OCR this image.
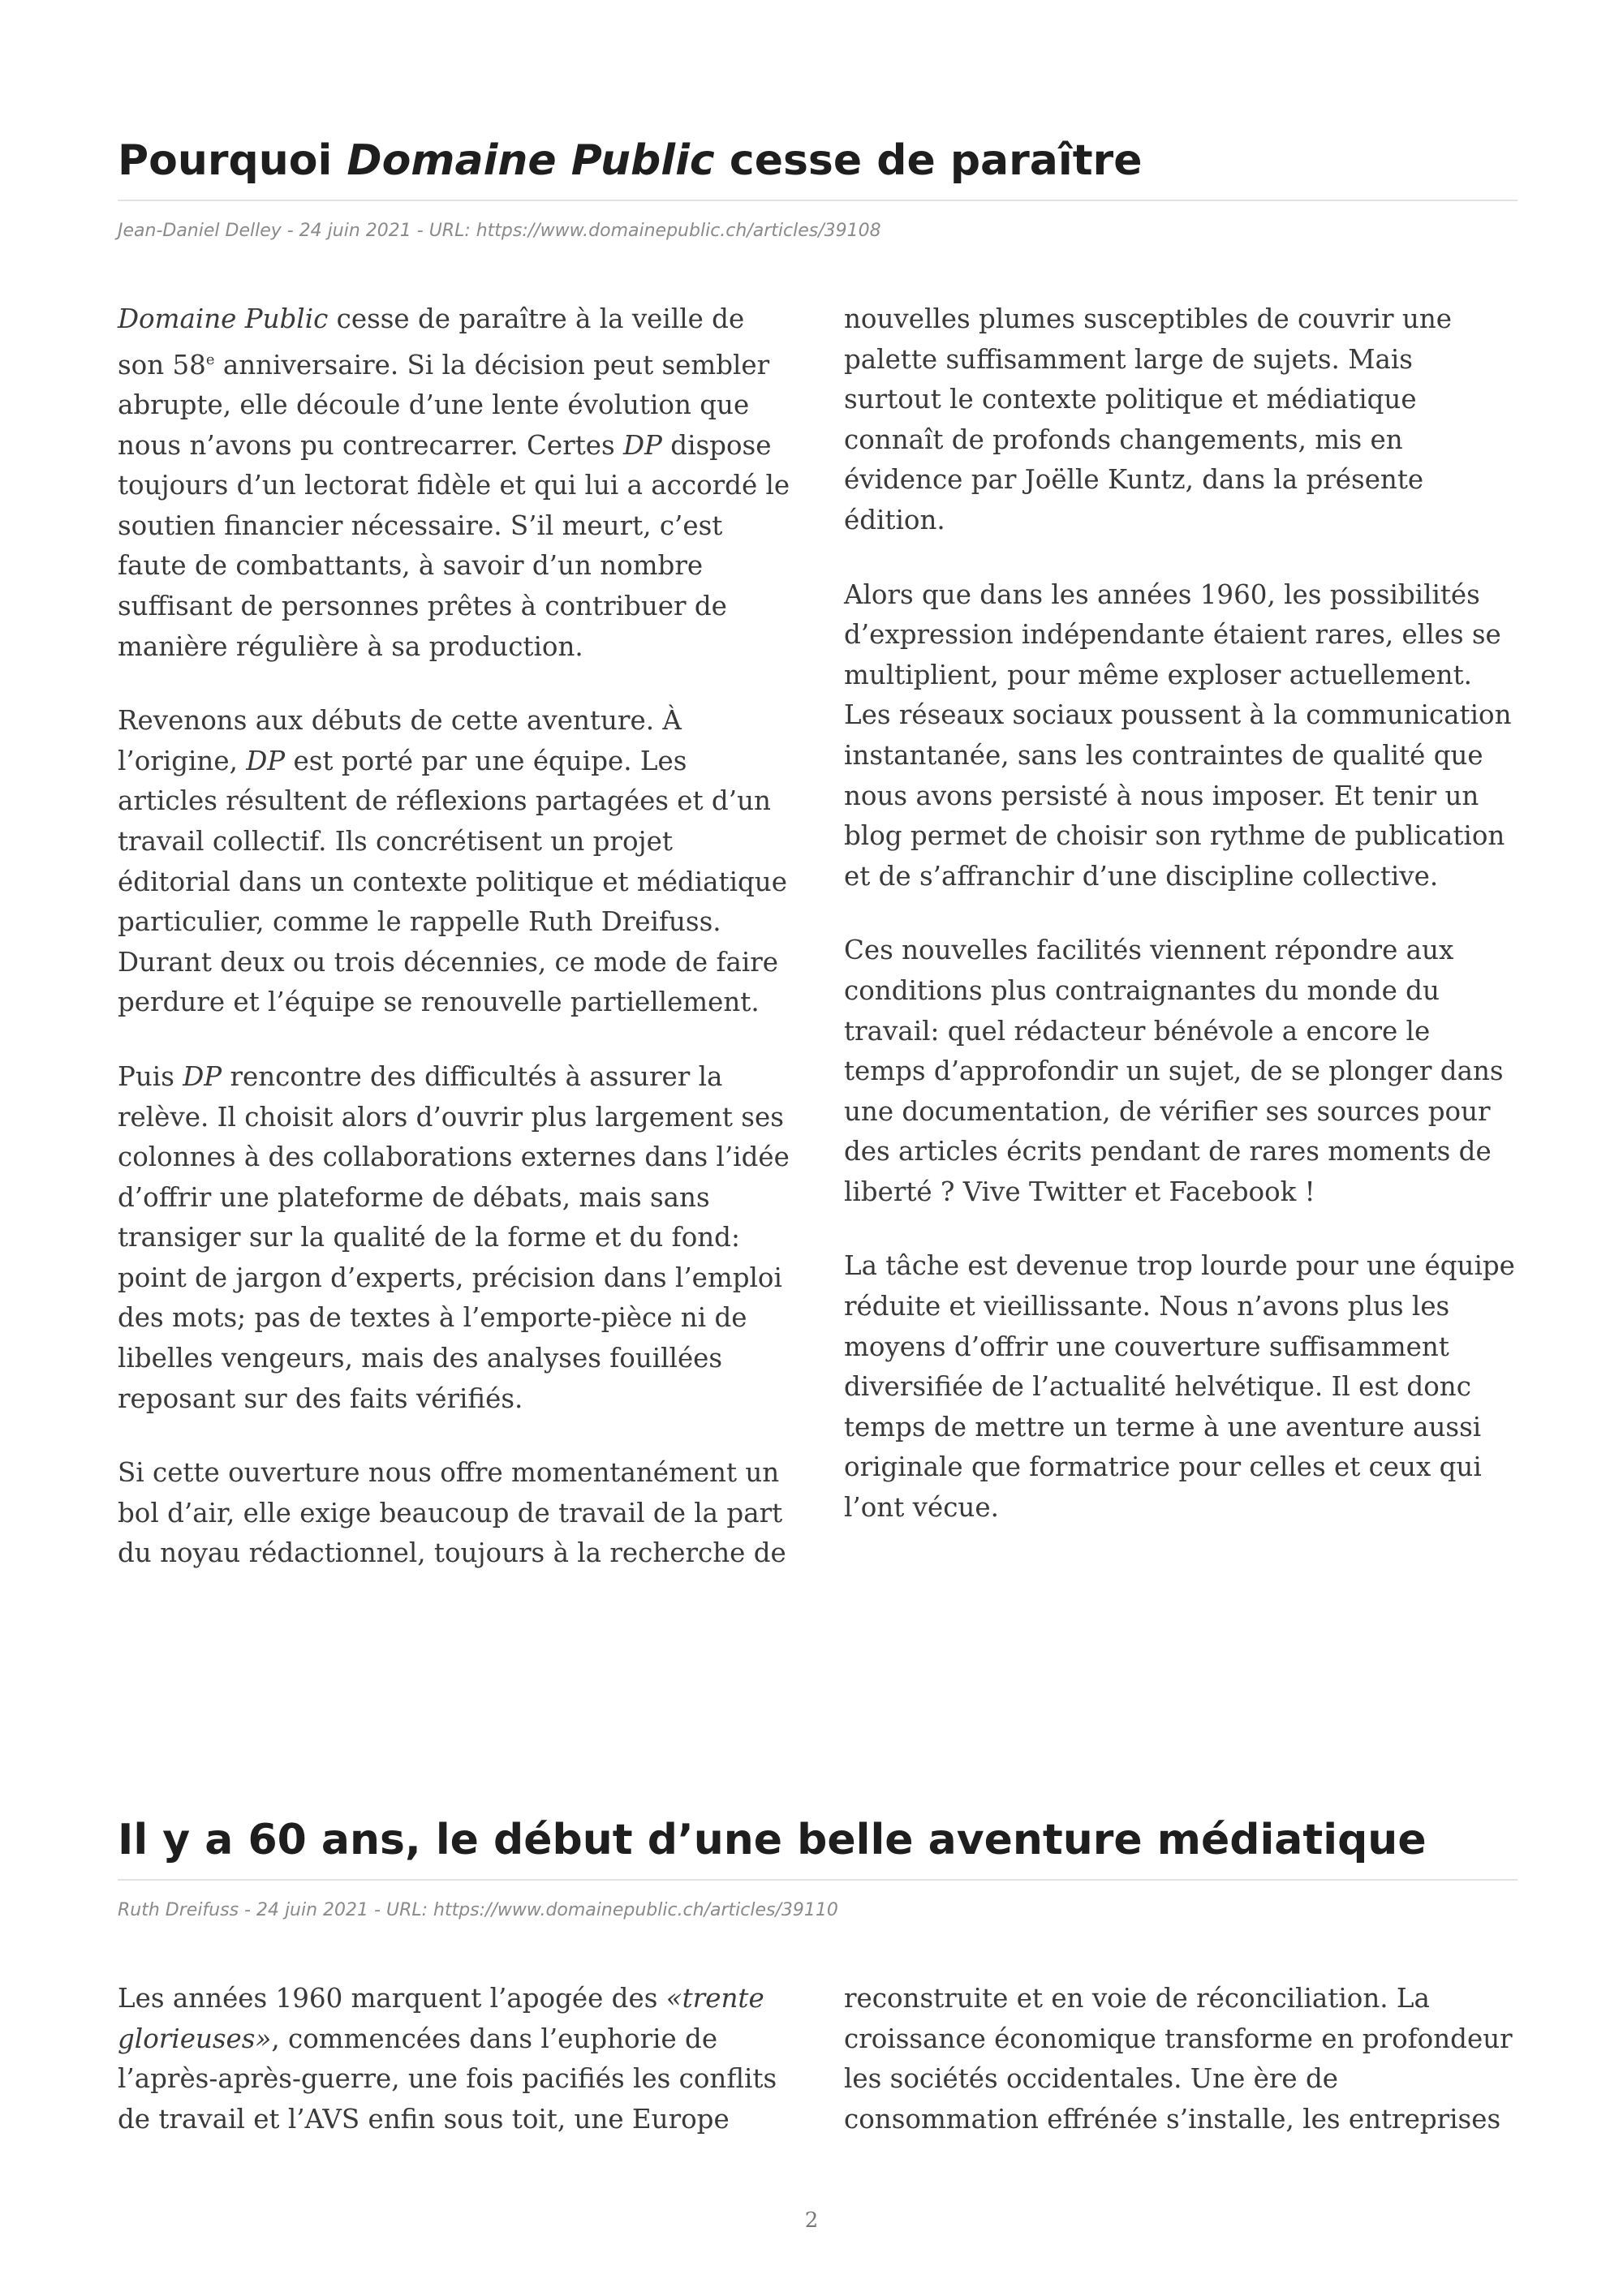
Pourquoi Domaine Public cesse de paraître
Jean-Daniel Delley - 24 juin 2021 - URL: https://www.domainepublic.ch/articles/39108

Domaine Public cesse de paraître à la veille de son 58e anniversaire. Si la décision peut sembler abrupte, elle découle d’une lente évolution que nous n’avons pu contrecarrer. Certes DP dispose toujours d’un lectorat fidèle et qui lui a accordé le soutien financier nécessaire. S’il meurt, c’est faute de combattants, à savoir d’un nombre suffisant de personnes prêtes à contribuer de manière régulière à sa production.

Revenons aux débuts de cette aventure. À l’origine, DP est porté par une équipe. Les articles résultent de réflexions partagées et d’un travail collectif. Ils concrétisent un projet éditorial dans un contexte politique et médiatique particulier, comme le rappelle Ruth Dreifuss. Durant deux ou trois décennies, ce mode de faire perdure et l’équipe se renouvelle partiellement.

Puis DP rencontre des difficultés à assurer la relève. Il choisit alors d’ouvrir plus largement ses colonnes à des collaborations externes dans l’idée d’offrir une plateforme de débats, mais sans transiger sur la qualité de la forme et du fond: point de jargon d’experts, précision dans l’emploi des mots; pas de textes à l’emporte-pièce ni de libelles vengeurs, mais des analyses fouillées reposant sur des faits vérifiés.

Si cette ouverture nous offre momentanément un bol d’air, elle exige beaucoup de travail de la part du noyau rédactionnel, toujours à la recherche de nouvelles plumes susceptibles de couvrir une palette suffisamment large de sujets. Mais surtout le contexte politique et médiatique connaît de profonds changements, mis en évidence par Joëlle Kuntz, dans la présente édition.

Alors que dans les années 1960, les possibilités d’expression indépendante étaient rares, elles se multiplient, pour même exploser actuellement. Les réseaux sociaux poussent à la communication instantanée, sans les contraintes de qualité que nous avons persisté à nous imposer. Et tenir un blog permet de choisir son rythme de publication et de s’affranchir d’une discipline collective.

Ces nouvelles facilités viennent répondre aux conditions plus contraignantes du monde du travail: quel rédacteur bénévole a encore le temps d’approfondir un sujet, de se plonger dans une documentation, de vérifier ses sources pour des articles écrits pendant de rares moments de liberté ? Vive Twitter et Facebook !

La tâche est devenue trop lourde pour une équipe réduite et vieillissante. Nous n’avons plus les moyens d’offrir une couverture suffisamment diversifiée de l’actualité helvétique. Il est donc temps de mettre un terme à une aventure aussi originale que formatrice pour celles et ceux qui l’ont vécue.

Il y a 60 ans, le début d’une belle aventure médiatique
Ruth Dreifuss - 24 juin 2021 - URL: https://www.domainepublic.ch/articles/39110

Les années 1960 marquent l’apogée des «trente glorieuses», commencées dans l’euphorie de l’après-après-guerre, une fois pacifiés les conflits de travail et l’AVS enfin sous toit, une Europe reconstruite et en voie de réconciliation. La croissance économique transforme en profondeur les sociétés occidentales. Une ère de consommation effrénée s’installe, les entreprises

2
